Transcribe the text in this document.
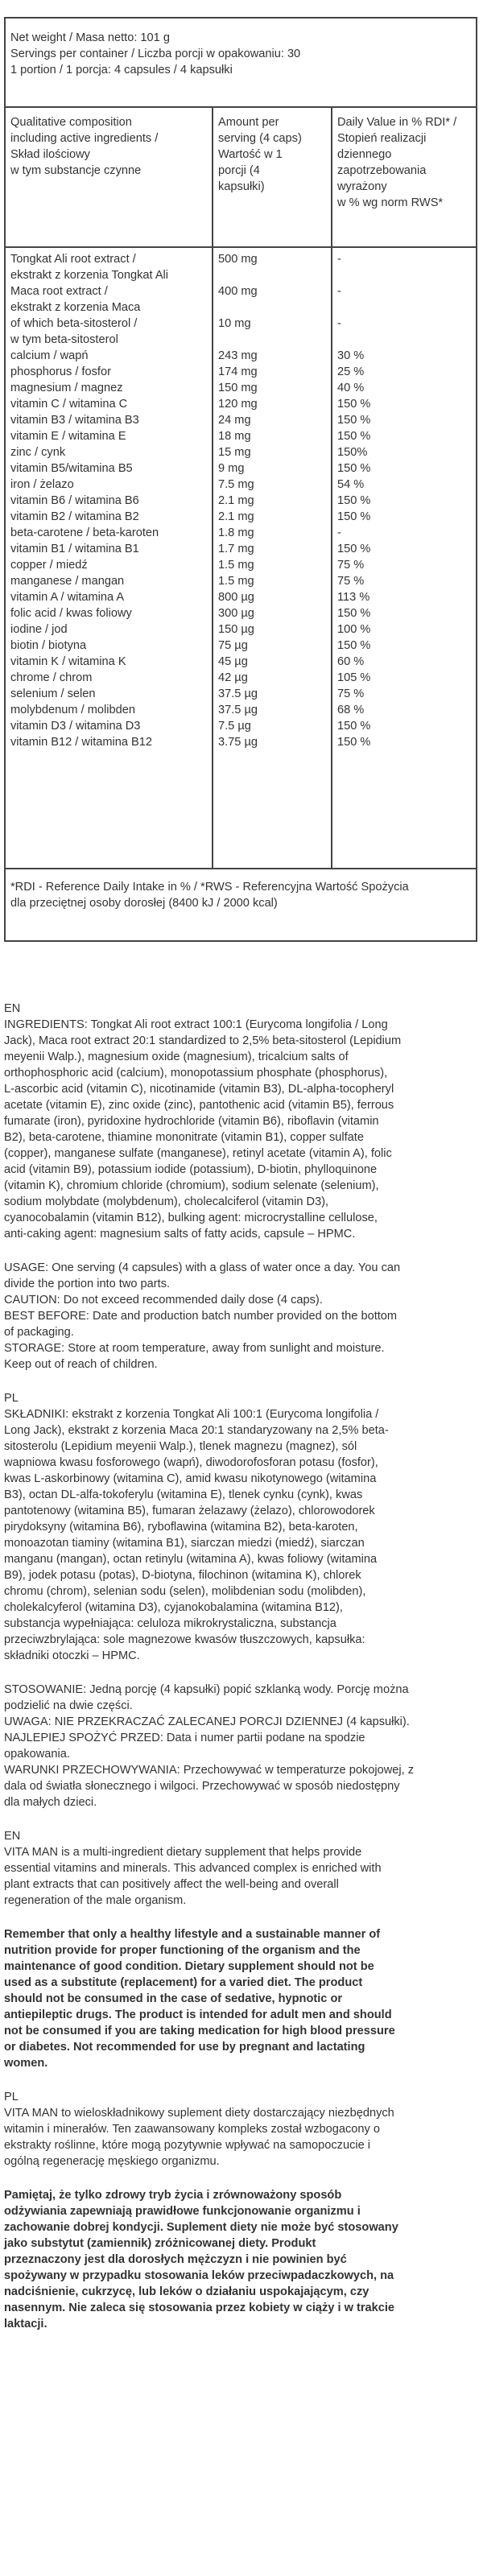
Net weight / Masa netto: 101 g
Servings per container / Liczba porcji w opakowaniu: 30
1 portion / 1 porcja: 4 capsules / 4 kapsułki
Qualitative composition
including active ingredients /
Skład ilościowy
w tym substancje czynne
Amount per
serving (4 caps)
Wartość w 1
porcji (4
kapsułki)
Daily Value in % RDI* /
Stopień realizacji
dziennego
zapotrzebowania
wyrażony
w % wg norm RWS*
Tongkat Ali root extract /
ekstrakt z korzenia Tongkat Ali
Maca root extract /
ekstrakt z korzenia Maca
of which beta-sitosterol /
w tym beta-sitosterol
calcium / wapń
phosphorus / fosfor
magnesium / magnez
vitamin C / witamina C
vitamin B3 / witamina B3
vitamin E / witamina E
zinc / cynk
vitamin B5/witamina B5
iron / żelazo
vitamin B6 / witamina B6
vitamin B2 / witamina B2
beta-carotene / beta-karoten
vitamin B1 / witamina B1
copper / miedź
manganese / mangan
vitamin A / witamina A
folic acid / kwas foliowy
iodine / jod
biotin / biotyna
vitamin K / witamina K
chrome / chrom
selenium / selen
molybdenum / molibden
vitamin D3 / witamina D3
vitamin B12 / witamina B12
500 mg
400 mg
10 mg
243 mg
174 mg
150 mg
120 mg
24 mg
18 mg
15 mg
9 mg
7.5 mg
2.1 mg
2.1 mg
1.8 mg
1.7 mg
1.5 mg
1.5 mg
800 µg
300 µg
150 µg
75 µg
45 µg
42 µg
37.5 µg
37.5 µg
7.5 µg
3.75 µg
-
-
-
30 %
25 %
40 %
150 %
150 %
150 %
150%
150 %
54 %
150 %
150 %
-
150 %
75 %
75 %
113 %
150 %
100 %
150 %
60 %
105 %
75 %
68 %
150 %
150 %
*RDI - Reference Daily Intake in % / *RWS - Referencyjna Wartość Spożycia
dla przeciętnej osoby dorosłej (8400 kJ / 2000 kcal)
EN
INGREDIENTS: Tongkat Ali root extract 100:1 (Eurycoma longifolia / Long
Jack), Maca root extract 20:1 standardized to 2,5% beta-sitosterol (Lepidium
meyenii Walp.), magnesium oxide (magnesium), tricalcium salts of
orthophosphoric acid (calcium), monopotassium phosphate (phosphorus),
L-ascorbic acid (vitamin C), nicotinamide (vitamin B3), DL-alpha-tocopheryl
acetate (vitamin E), zinc oxide (zinc), pantothenic acid (vitamin B5), ferrous
fumarate (iron), pyridoxine hydrochloride (vitamin B6), riboflavin (vitamin
B2), beta-carotene, thiamine mononitrate (vitamin B1), copper sulfate
(copper), manganese sulfate (manganese), retinyl acetate (vitamin A), folic
acid (vitamin B9), potassium iodide (potassium), D-biotin, phylloquinone
(vitamin K), chromium chloride (chromium), sodium selenate (selenium),
sodium molybdate (molybdenum), cholecalciferol (vitamin D3),
cyanocobalamin (vitamin B12), bulking agent: microcrystalline cellulose,
anti-caking agent: magnesium salts of fatty acids, capsule – HPMC.
USAGE: One serving (4 capsules) with a glass of water once a day. You can
divide the portion into two parts.
CAUTION: Do not exceed recommended daily dose (4 caps).
BEST BEFORE: Date and production batch number provided on the bottom
of packaging.
STORAGE: Store at room temperature, away from sunlight and moisture.
Keep out of reach of children.
PL
SKŁADNIKI: ekstrakt z korzenia Tongkat Ali 100:1 (Eurycoma longifolia /
Long Jack), ekstrakt z korzenia Maca 20:1 standaryzowany na 2,5% beta-
sitosterolu (Lepidium meyenii Walp.), tlenek magnezu (magnez), sól
wapniowa kwasu fosforowego (wapń), diwodorofosforan potasu (fosfor),
kwas L-askorbinowy (witamina C), amid kwasu nikotynowego (witamina
B3), octan DL-alfa-tokoferylu (witamina E), tlenek cynku (cynk), kwas
pantotenowy (witamina B5), fumaran żelazawy (żelazo), chlorowodorek
pirydoksyny (witamina B6), ryboflawina (witamina B2), beta-karoten,
monoazotan tiaminy (witamina B1), siarczan miedzi (miedź), siarczan
manganu (mangan), octan retinylu (witamina A), kwas foliowy (witamina
B9), jodek potasu (potas), D-biotyna, filochinon (witamina K), chlorek
chromu (chrom), selenian sodu (selen), molibdenian sodu (molibden),
cholekalcyferol (witamina D3), cyjanokobalamina (witamina B12),
substancja wypełniająca: celuloza mikrokrystaliczna, substancja
przeciwzbrylająca: sole magnezowe kwasów tłuszczowych, kapsułka:
składniki otoczki – HPMC.
STOSOWANIE: Jedną porcję (4 kapsułki) popić szklanką wody. Porcję można
podzielić na dwie części.
UWAGA: NIE PRZEKRACZAĆ ZALECANEJ PORCJI DZIENNEJ (4 kapsułki).
NAJLEPIEJ SPOŻYĆ PRZED: Data i numer partii podane na spodzie
opakowania.
WARUNKI PRZECHOWYWANIA: Przechowywać w temperaturze pokojowej, z
dala od światła słonecznego i wilgoci. Przechowywać w sposób niedostępny
dla małych dzieci.
EN
VITA MAN is a multi-ingredient dietary supplement that helps provide
essential vitamins and minerals. This advanced complex is enriched with
plant extracts that can positively affect the well-being and overall
regeneration of the male organism.
Remember that only a healthy lifestyle and a sustainable manner of
nutrition provide for proper functioning of the organism and the
maintenance of good condition. Dietary supplement should not be
used as a substitute (replacement) for a varied diet. The product
should not be consumed in the case of sedative, hypnotic or
antiepileptic drugs. The product is intended for adult men and should
not be consumed if you are taking medication for high blood pressure
or diabetes. Not recommended for use by pregnant and lactating
women.
PL
VITA MAN to wieloskładnikowy suplement diety dostarczający niezbędnych
witamin i minerałów. Ten zaawansowany kompleks został wzbogacony o
ekstrakty roślinne, które mogą pozytywnie wpływać na samopoczucie i
ogólną regenerację męskiego organizmu.
Pamiętaj, że tylko zdrowy tryb życia i zrównoważony sposób
odżywiania zapewniają prawidłowe funkcjonowanie organizmu i
zachowanie dobrej kondycji. Suplement diety nie może być stosowany
jako substytut (zamiennik) zróżnicowanej diety. Produkt
przeznaczony jest dla dorosłych mężczyzn i nie powinien być
spożywany w przypadku stosowania leków przeciwpadaczkowych, na
nadciśnienie, cukrzycę, lub leków o działaniu uspokajającym, czy
nasennym. Nie zaleca się stosowania przez kobiety w ciąży i w trakcie
laktacji.
